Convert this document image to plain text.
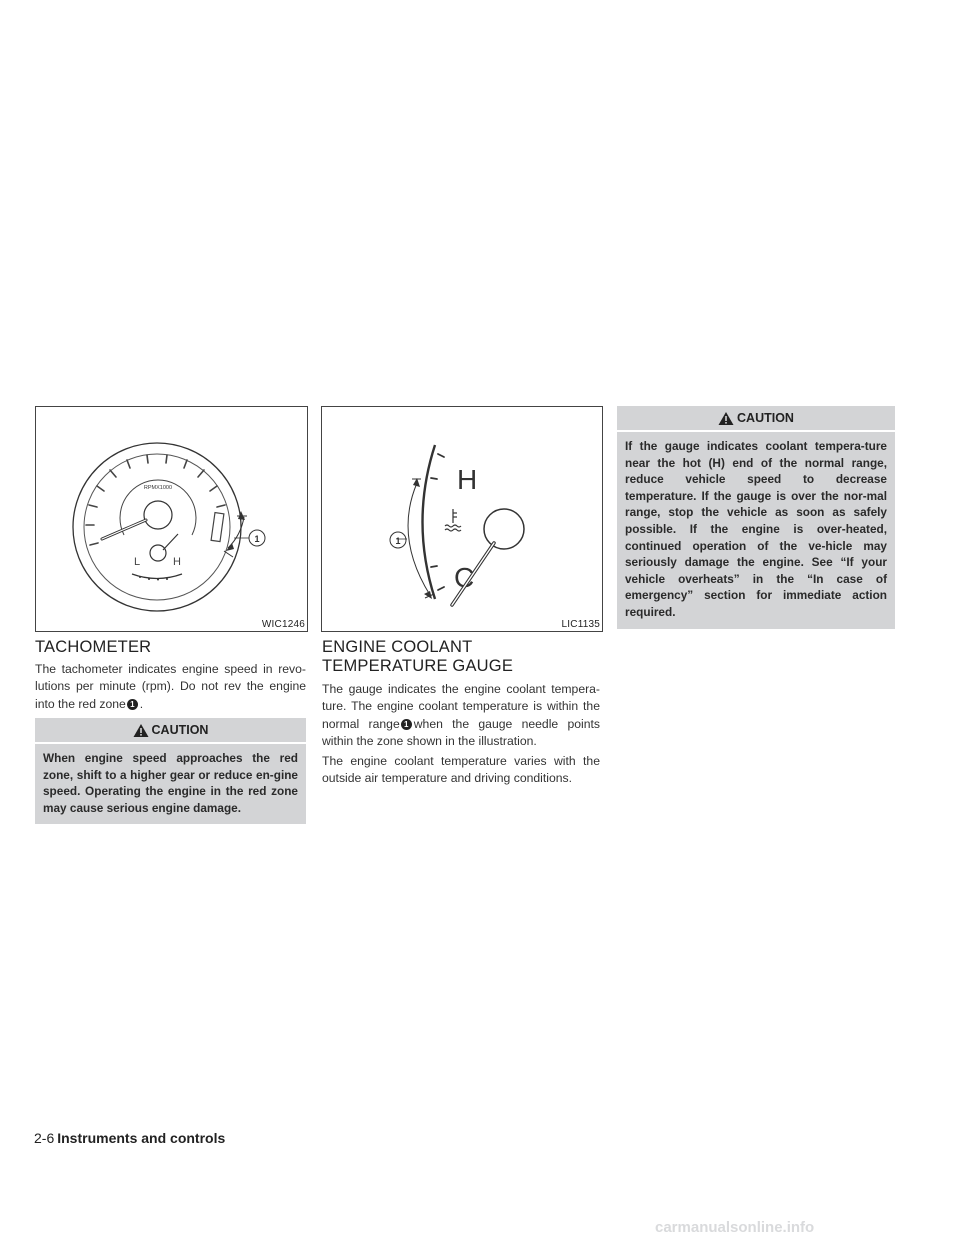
RPMX1000
L	H
1
WIC1246
TACHOMETER

The tachometer indicates engine speed in revo-lutions per minute (rpm). Do not rev the engine into the red zone 1 .

CAUTION

When engine speed approaches the red zone, shift to a higher gear or reduce en-gine speed. Operating the engine in the red zone may cause serious engine damage.

H
C
1
LIC1135
ENGINE COOLANT TEMPERATURE GAUGE

The gauge indicates the engine coolant tempera-ture. The engine coolant temperature is within the normal range 1 when the gauge needle points within the zone shown in the illustration.

The engine coolant temperature varies with the outside air temperature and driving conditions.

CAUTION

If the gauge indicates coolant tempera-ture near the hot (H) end of the normal range, reduce vehicle speed to decrease temperature. If the gauge is over the nor-mal range, stop the vehicle as soon as safely possible. If the engine is over-heated, continued operation of the ve-hicle may seriously damage the engine. See “If your vehicle overheats” in the “In case of emergency” section for immediate action required.

2-6 Instruments and controls
carmanualsonline.info
